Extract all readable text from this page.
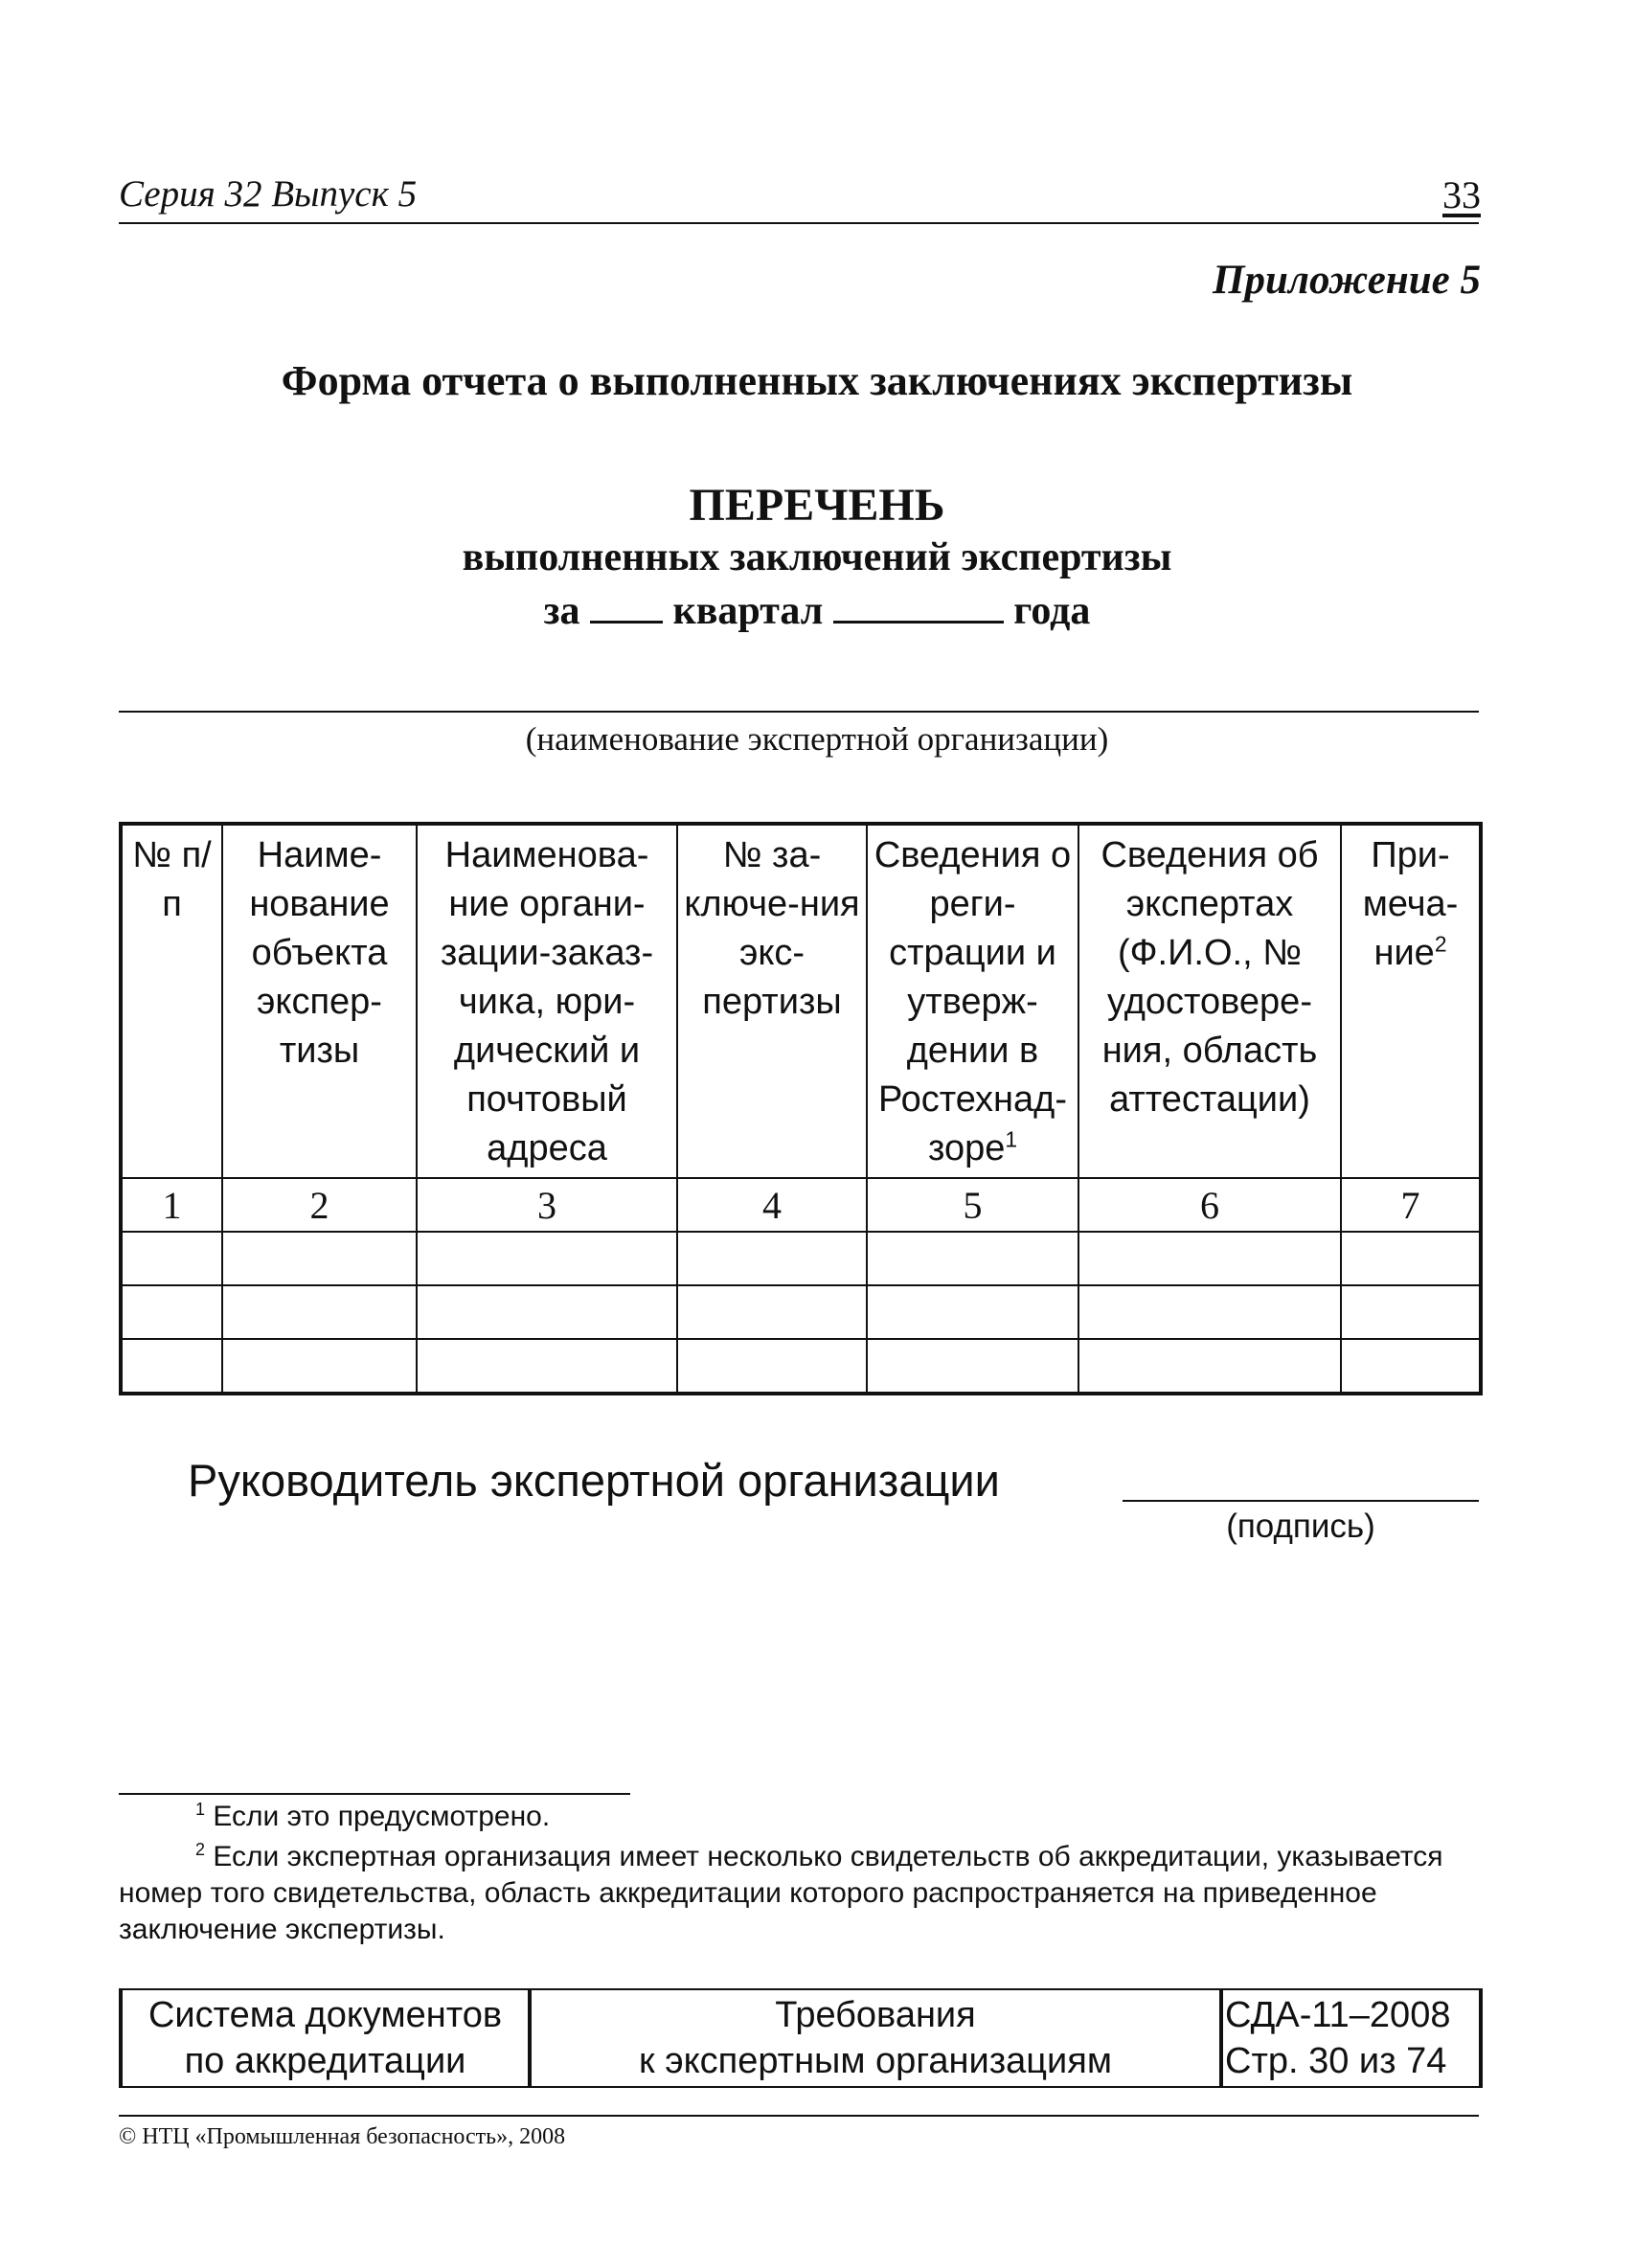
Серия 32 Выпуск 5	33
Приложение 5
Форма отчета о выполненных заключениях экспертизы
ПЕРЕЧЕНЬ
выполненных заключений экспертизы
за квартал	года
(наименование экспертной организации)
№ п/п	Наиме-нование объекта экспер-тизы	Наименова-ние органи-зации-заказ-чика, юри-дический и почтовый адреса	№ за-ключе-ния экс-пертизы	Сведения о реги-страции и утверж-дении в Ростехнад-зоре$^1$	Сведения об экспертах (Ф.И.О., № удостовере-ния, область аттестации)	При-меча-ние$^2$
1	2	3	4	5	6	7

Руководитель экспертной организации
(подпись)
$^1$ Если это предусмотрено.
$^2$ Если экспертная организация имеет несколько свидетельств об аккредитации, указывается номер того свидетельства, область аккредитации которого распространяется на приведенное заключение экспертизы.
Система документов
по аккредитации

Требования
к экспертным организациям

СДА-11–2008
Стр. 30 из 74
© НТЦ «Промышленная безопасность», 2008
